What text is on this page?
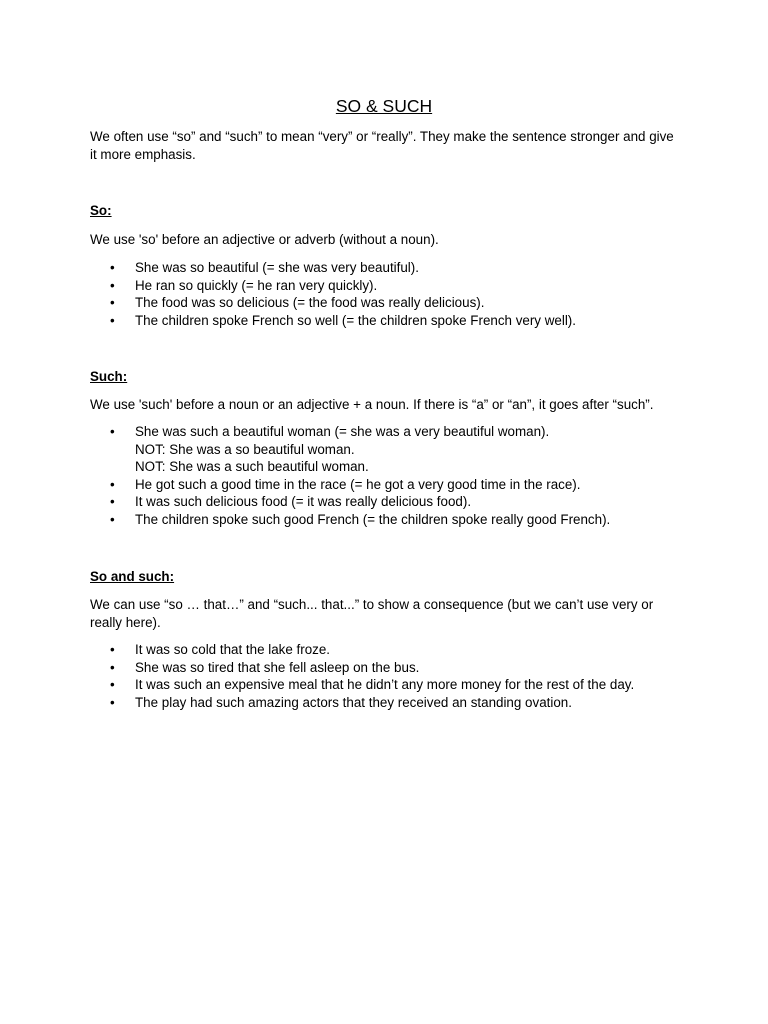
SO & SUCH

We often use “so” and “such” to mean “very” or “really”. They make the sentence stronger and give it more emphasis.

So:

We use 'so' before an adjective or adverb (without a noun).

• She was so beautiful (= she was very beautiful).
• He ran so quickly (= he ran very quickly).
• The food was so delicious (= the food was really delicious).
• The children spoke French so well (= the children spoke French very well).

Such:

We use 'such' before a noun or an adjective + a noun. If there is “a” or “an”, it goes after “such”.

• She was such a beautiful woman (= she was a very beautiful woman).
NOT: She was a so beautiful woman.
NOT: She was a such beautiful woman.
• He got such a good time in the race (= he got a very good time in the race).
• It was such delicious food (= it was really delicious food).
• The children spoke such good French (= the children spoke really good French).

So and such:

We can use “so … that…” and “such... that...” to show a consequence (but we can’t use very or really here).

• It was so cold that the lake froze.
• She was so tired that she fell asleep on the bus.
• It was such an expensive meal that he didn’t any more money for the rest of the day.
• The play had such amazing actors that they received an standing ovation.
